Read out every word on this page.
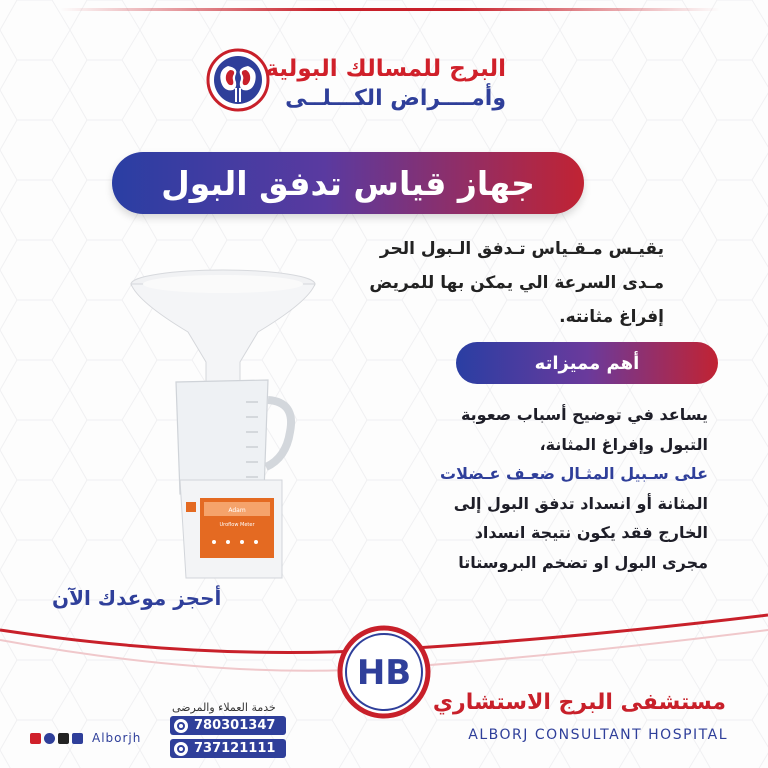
البرج للمسالك البولية
وأمــــراض الكـــلــى
جهاز قياس تدفق البول
يقيـس مـقـياس تـدفق الـبول الحر
مـدى السرعة الي يمكن بها للمريض
إفراغ مثانته.
أهم مميزاته
يساعد في توضيح أسباب صعوبة
التبول وإفراغ المثانة،
على سـبيل المثـال ضعـف عـضلات
المثانة أو انسداد تدفق البول إلى
الخارج فقد يكون نتيجة انسداد
مجرى البول او تضخم البروستاتا
Adam
Uroflow Meter
أحجز موعدك الآن
HB
مستشفى البرج الاستشاري
ALBORJ CONSULTANT HOSPITAL
خدمة العملاء والمرضى
780301347
737121111
Alborjh
